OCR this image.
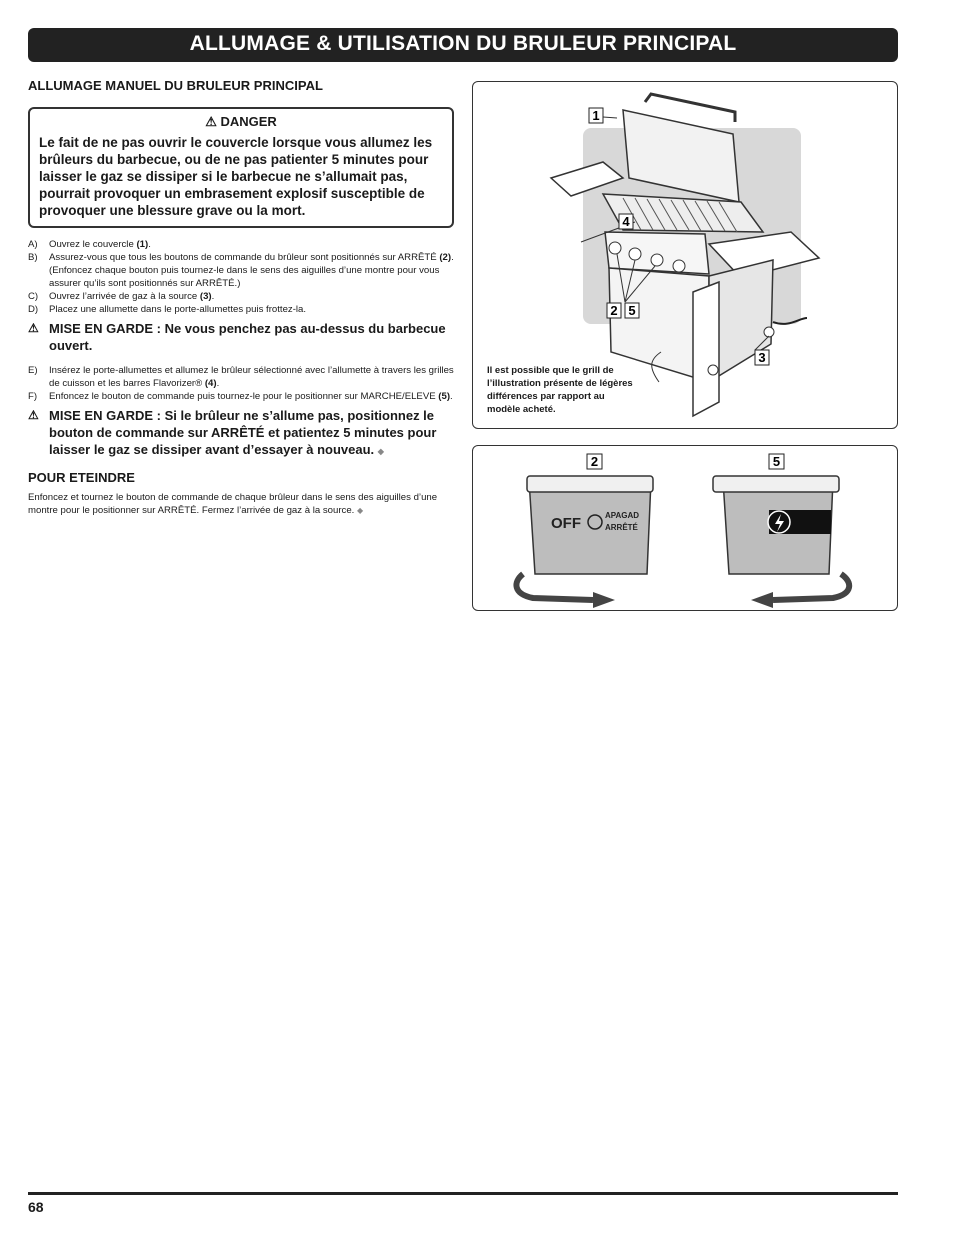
ALLUMAGE & UTILISATION DU BRULEUR PRINCIPAL

ALLUMAGE MANUEL DU BRULEUR PRINCIPAL

⚠ DANGER
Le fait de ne pas ouvrir le couvercle lorsque vous allumez les brûleurs du barbecue, ou de ne pas patienter 5 minutes pour laisser le gaz se dissiper si le barbecue ne s’allumait pas, pourrait provoquer un embrasement explosif susceptible de provoquer une blessure grave ou la mort.
A)	Ouvrez le couvercle (1).
B)	Assurez-vous que tous les boutons de commande du brûleur sont positionnés sur ARRÊTÉ (2). (Enfoncez chaque bouton puis tournez-le dans le sens des aiguilles d’une montre pour vous assurer qu’ils sont positionnés sur ARRÊTÉ.)
C)	Ouvrez l’arrivée de gaz à la source (3).
D)	Placez une allumette dans le porte-allumettes puis frottez-la.
⚠ MISE EN GARDE : Ne vous penchez pas au-dessus du barbecue ouvert.
E)	Insérez le porte-allumettes et allumez le brûleur sélectionné avec l’allumette à travers les grilles de cuisson et les barres Flavorizer® (4).
F)	Enfoncez le bouton de commande puis tournez-le pour le positionner sur MARCHE/ELEVE (5).
⚠ MISE EN GARDE : Si le brûleur ne s’allume pas, positionnez le bouton de commande sur ARRÊTÉ et patientez 5 minutes pour laisser le gaz se dissiper avant d’essayer à nouveau. ◆
POUR ETEINDRE
Enfoncez et tournez le bouton de commande de chaque brûleur dans le sens des aiguilles d’une montre pour le positionner sur ARRÊTÉ. Fermez l’arrivée de gaz à la source. ◆
1
4
2 5
3
Il est possible que le grill de l’illustration présente de légères différences par rapport au modèle acheté.
OFF	APAGAD
ARRÊTÉ
2	5
68
